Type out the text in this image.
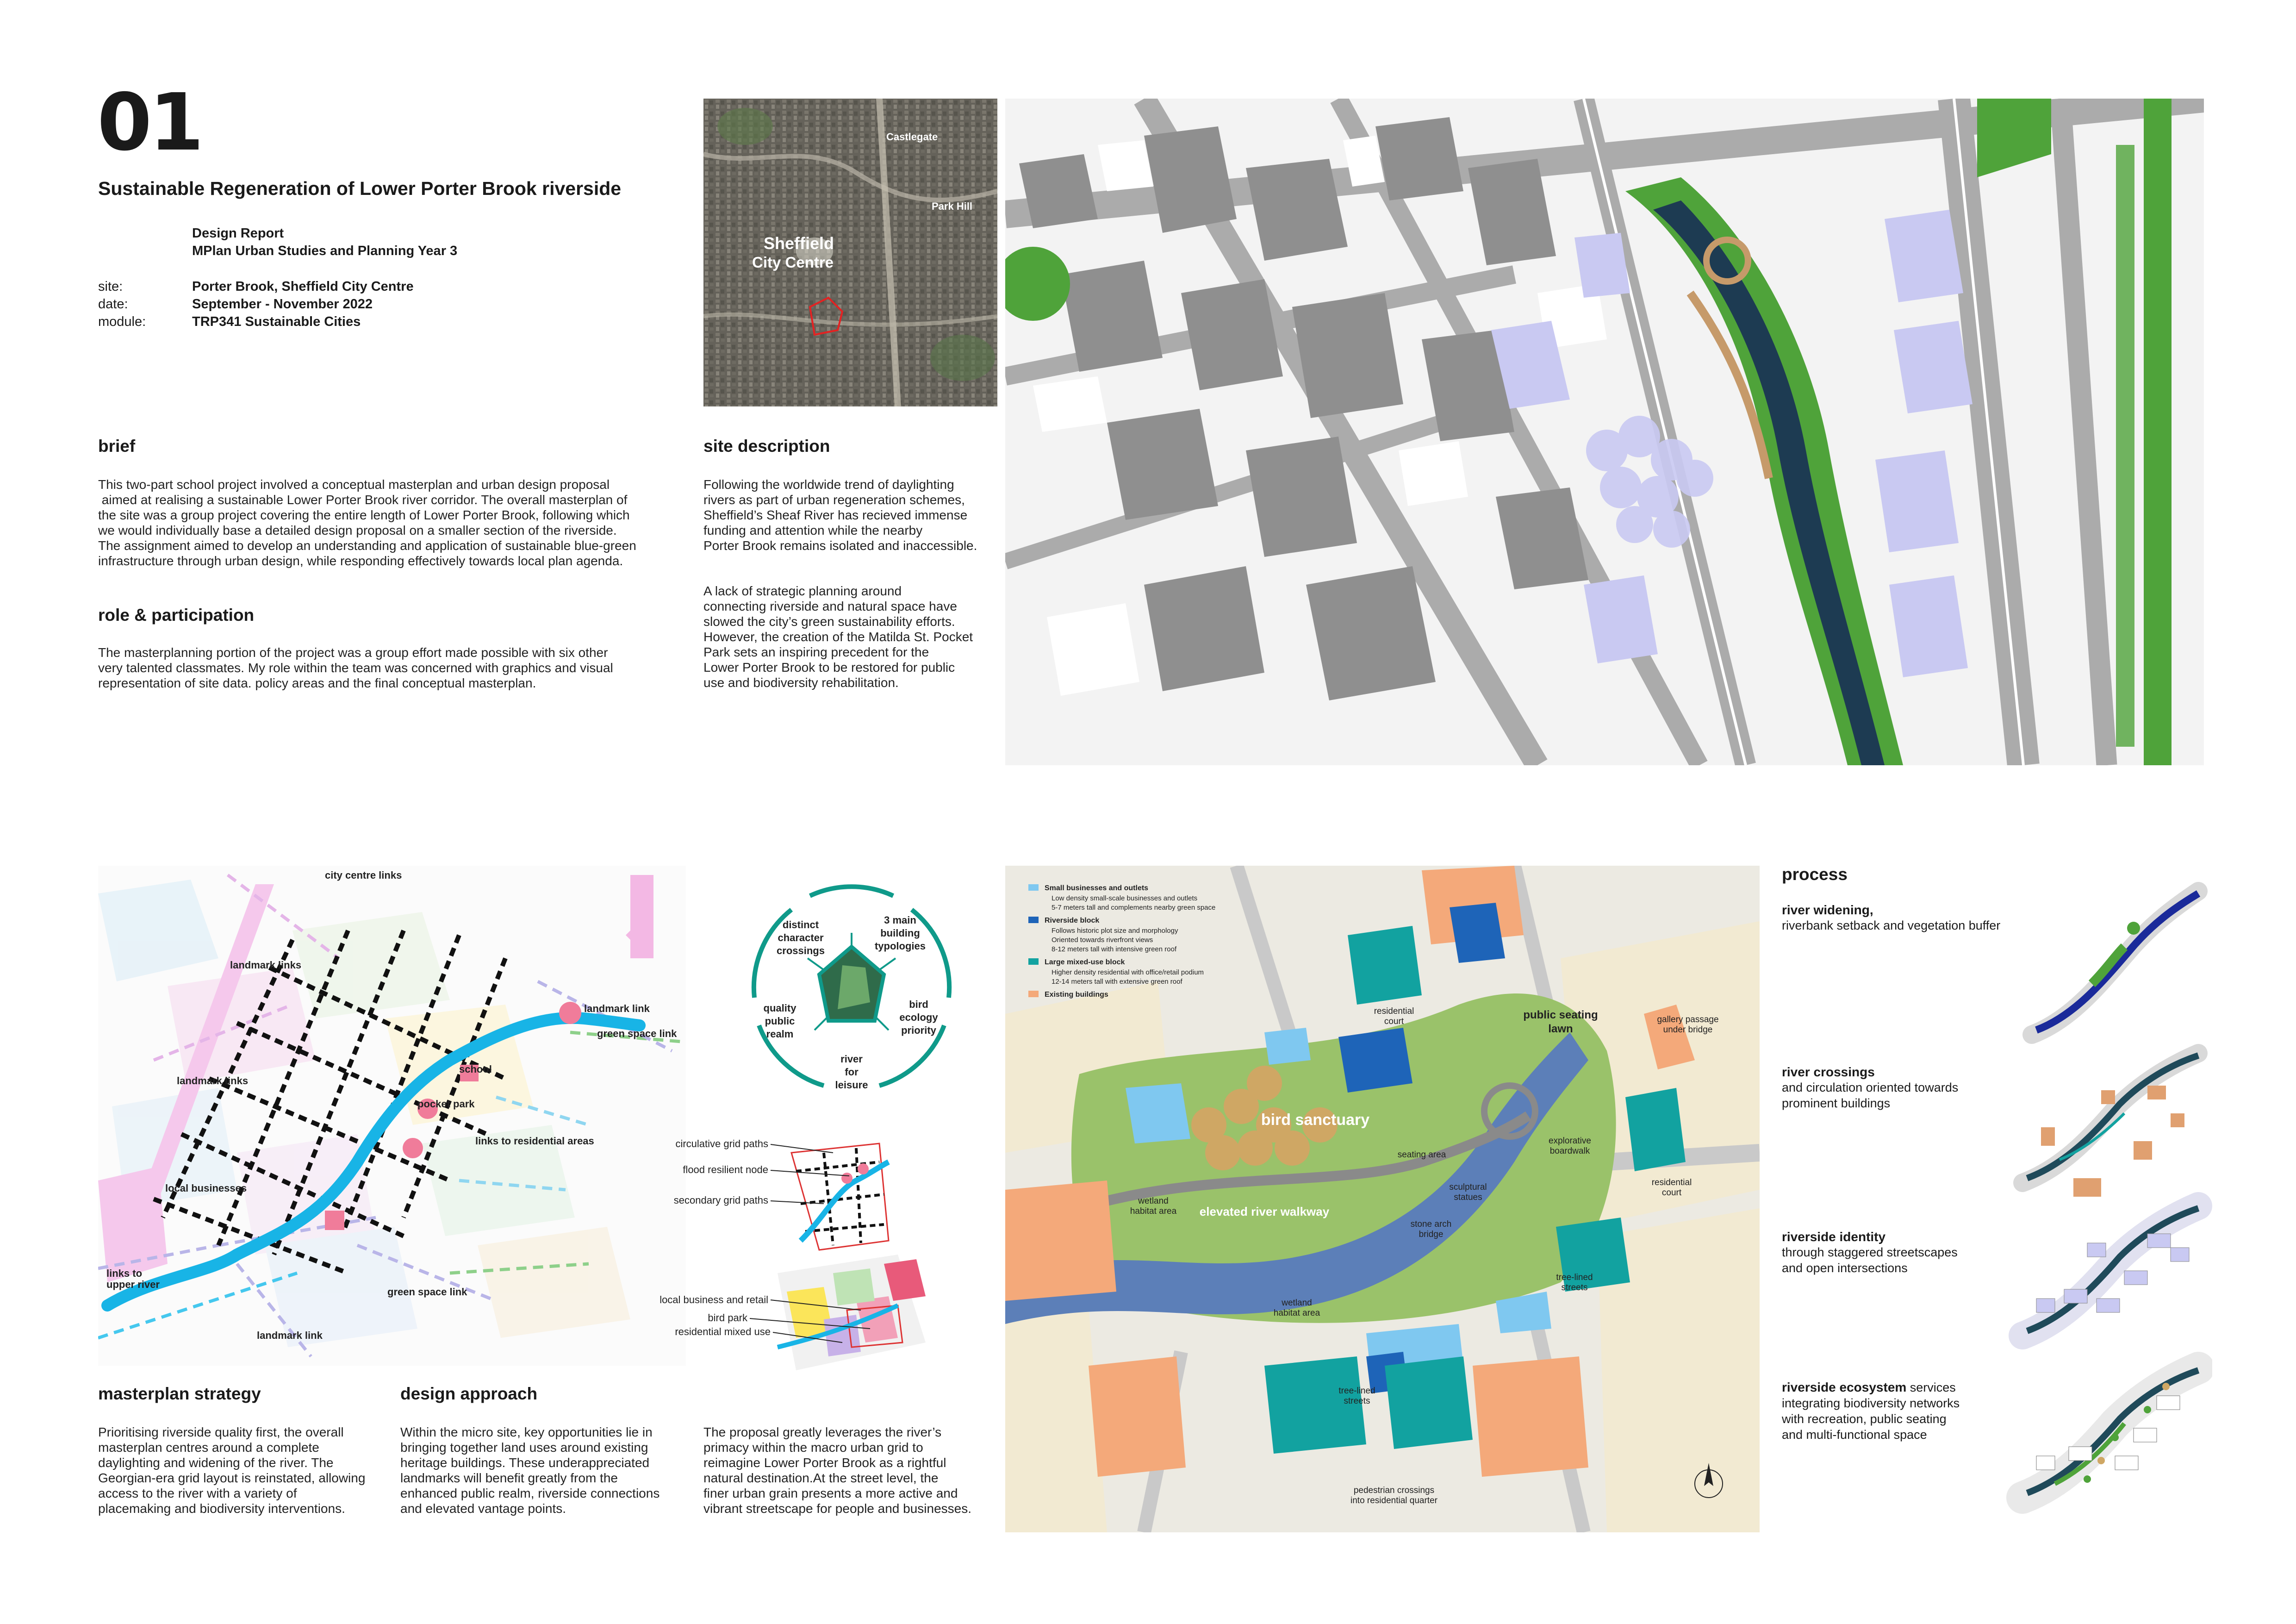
01
Sustainable Regeneration of Lower Porter Brook riverside
Design Report
MPlan Urban Studies and Planning Year 3
site:
date:
module:
Porter Brook, Sheffield City Centre
September - November 2022
TRP341 Sustainable Cities
Castlegate
Park Hill
Sheffield
City Centre
brief
This two-part school project involved a conceptual masterplan and urban design proposal
aimed at realising a sustainable Lower Porter Brook river corridor. The overall masterplan of
the site was a group project covering the entire length of Lower Porter Brook, following which
we would individually base a detailed design proposal on a smaller section of the riverside.
The assignment aimed to develop an understanding and application of sustainable blue-green
infrastructure through urban design, while responding effectively towards local plan agenda.
role & participation
The masterplanning portion of the project was a group effort made possible with six other
very talented classmates. My role within the team was concerned with graphics and visual
representation of site data. policy areas and the final conceptual masterplan.
site description
Following the worldwide trend of daylighting
rivers as part of urban regeneration schemes,
Sheffield’s Sheaf River has recieved immense
funding and attention while the nearby
Porter Brook remains isolated and inaccessible.
A lack of strategic planning around
connecting riverside and natural space have
slowed the city’s green sustainability efforts.
However, the creation of the Matilda St. Pocket
Park sets an inspiring precedent for the
Lower Porter Brook to be restored for public
use and biodiversity rehabilitation.
city centre links
landmark links
landmark links
landmark link
green space link
school
pocket park
links to residential areas
local businesses
links to
upper river
green space link
landmark link
distinct
character
crossings
3 main
building
typologies
bird
ecology
priority
river
for
leisure
quality
public
realm
circulative grid paths
flood resilient node
secondary grid paths
local business and retail
bird park
residential mixed use
masterplan strategy
Prioritising riverside quality first, the overall
masterplan centres around a complete
daylighting and widening of the river. The
Georgian-era grid layout is reinstated, allowing
access to the river with a variety of
placemaking and biodiversity interventions.
design approach
Within the micro site, key opportunities lie in
bringing together land uses around existing
heritage buildings. These underappreciated
landmarks will benefit greatly from the
enhanced public realm, riverside connections
and elevated vantage points.
The proposal greatly leverages the river’s
primacy within the macro urban grid to
reimagine Lower Porter Brook as a rightful
natural destination.At the street level, the
finer urban grain presents a more active and
vibrant streetscape for people and businesses.
Small businesses and outlets
Low density small-scale businesses and outlets
5-7 meters tall and complements nearby green space
Riverside block
Follows historic plot size and morphology
Oriented towards riverfront views
8-12 meters tall with intensive green roof
Large mixed-use block
Higher density residential with office/retail podium
12-14 meters tall with extensive green roof
Existing buildings
residential
court
public seating
lawn
gallery passage
under bridge
bird sanctuary
seating area
explorative
boardwalk
residential
court
wetland
habitat area elevated river walkway
sculptural
statues
stone arch
bridge
tree-lined
streets
wetland
habitat area
tree-lined
streets
pedestrian crossings
into residential quarter
process
river widening,
riverbank setback and vegetation buffer
river crossings
and circulation oriented towards
prominent buildings
riverside identity
through staggered streetscapes
and open intersections
riverside ecosystem services
integrating biodiversity networks
with recreation, public seating
and multi-functional space
